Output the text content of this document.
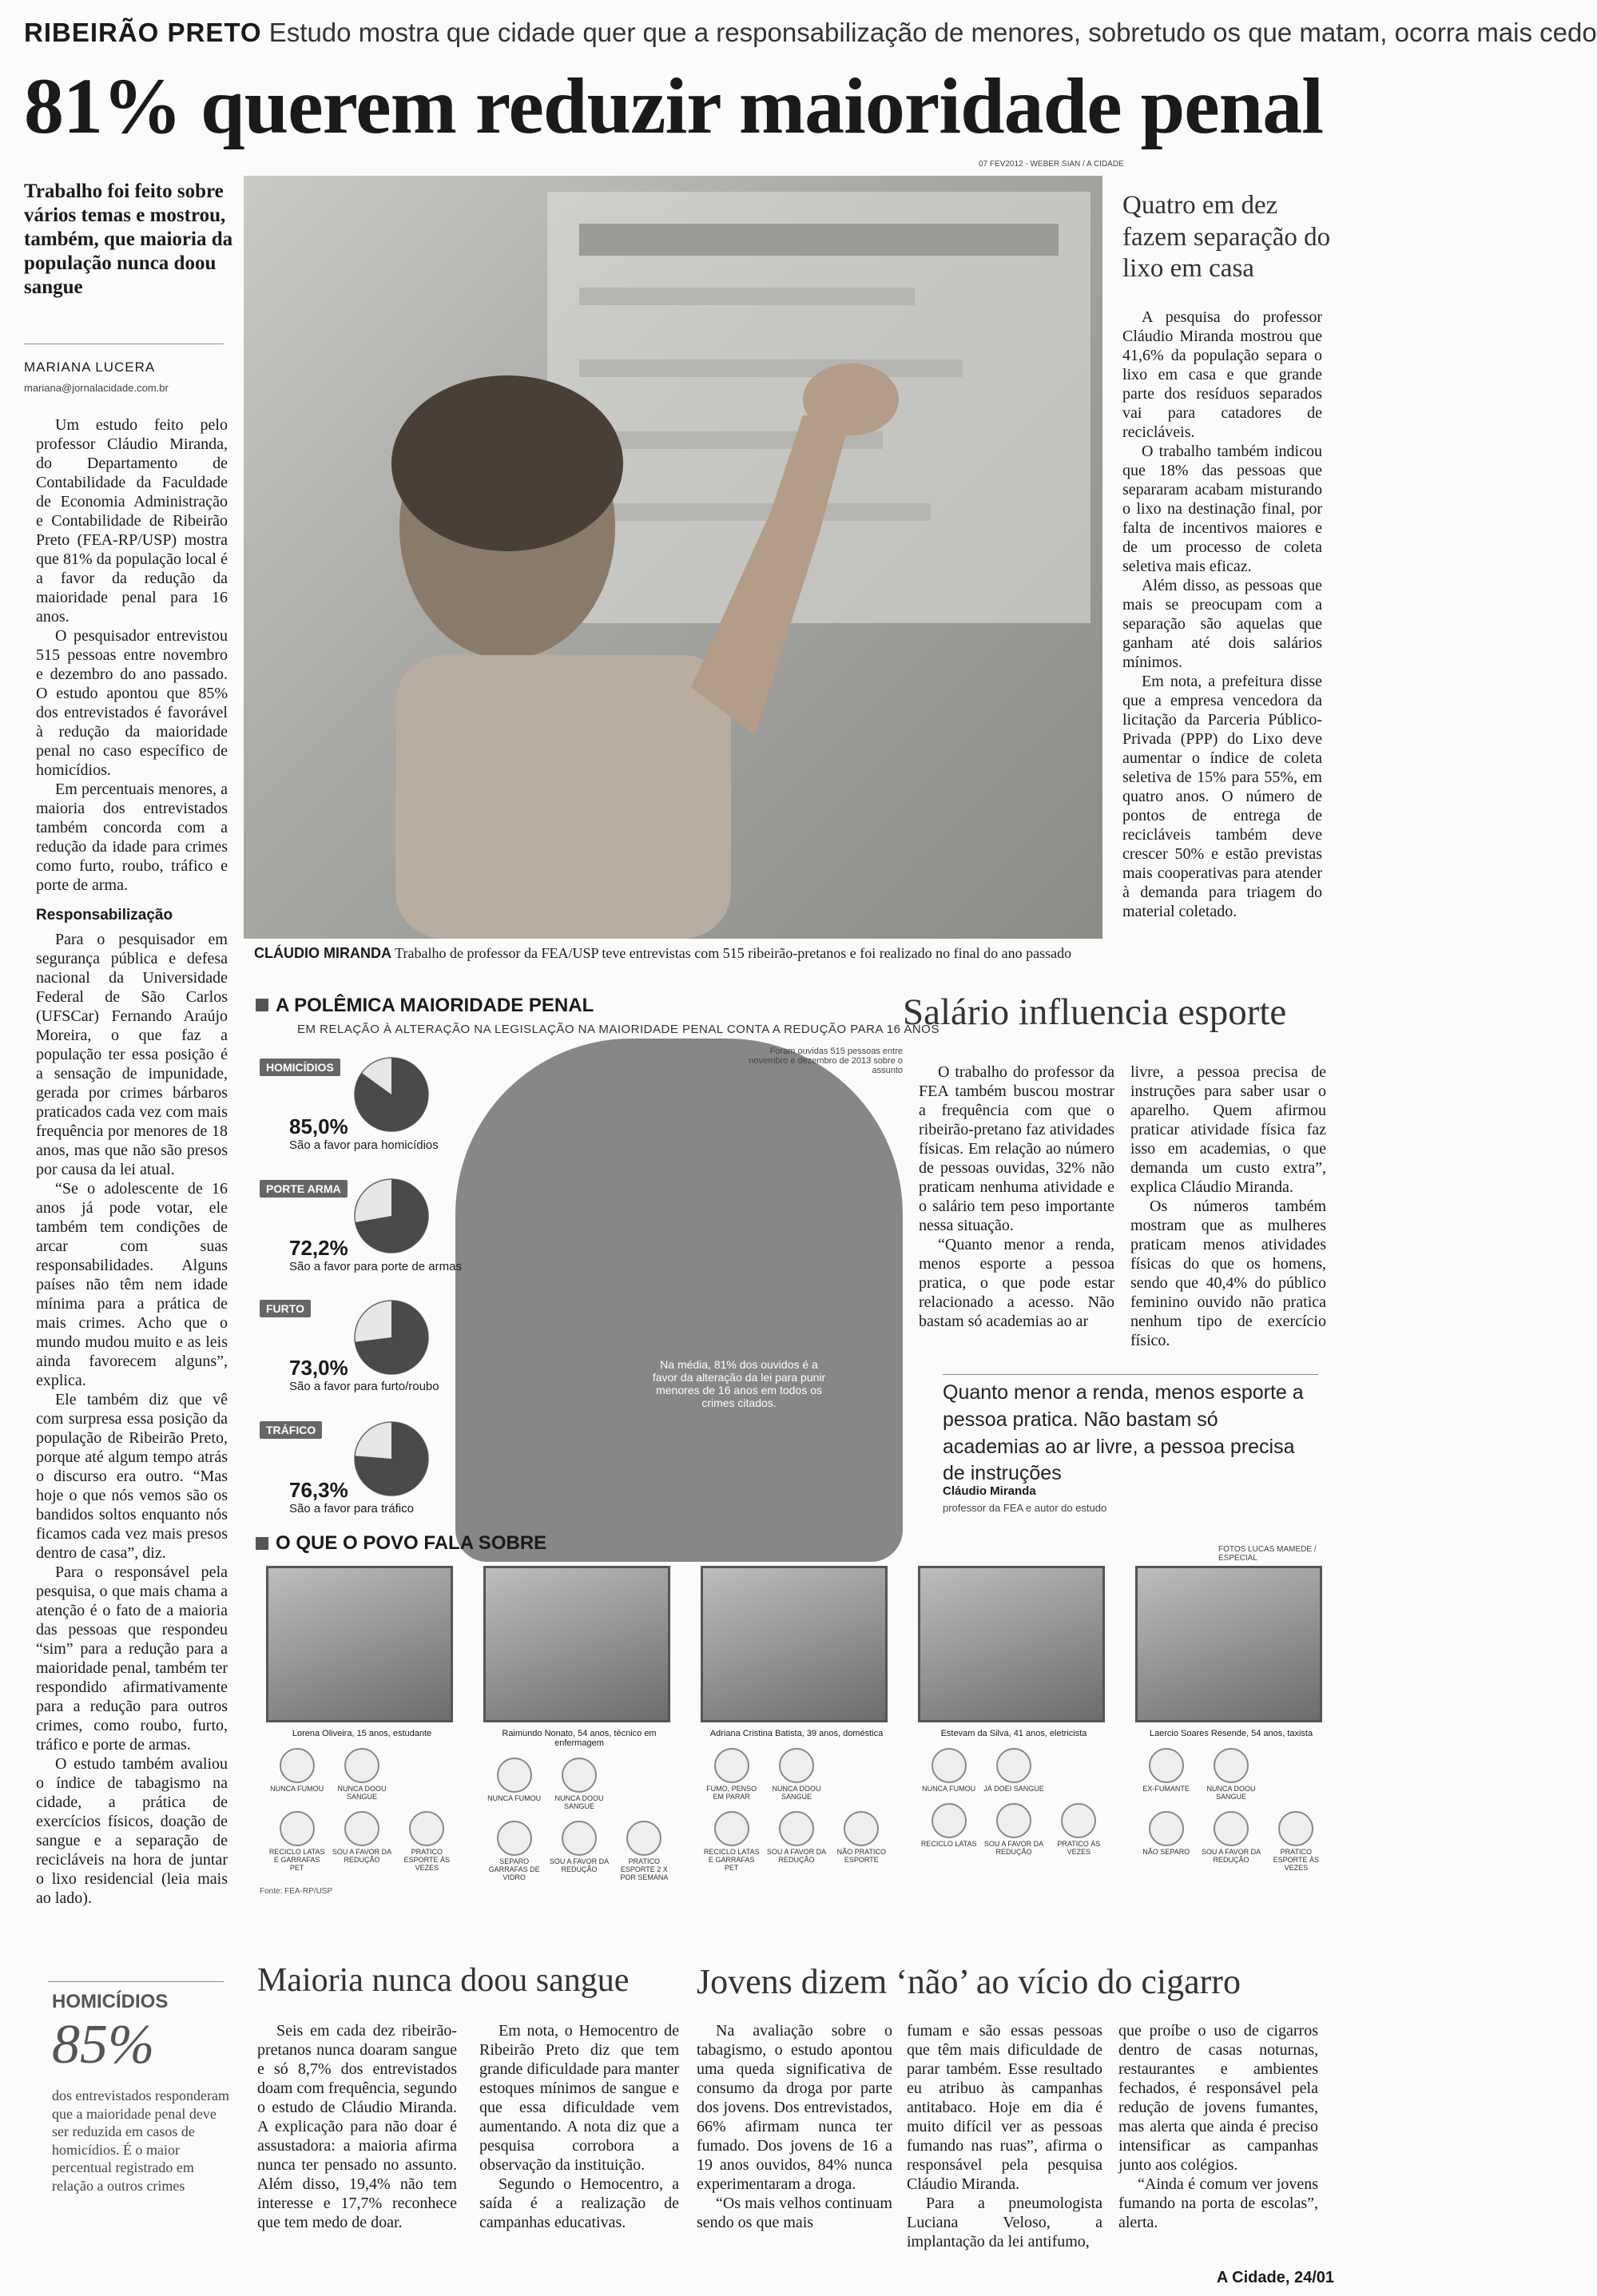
RIBEIRÃO PRETO Estudo mostra que cidade quer que a responsabilização de menores, sobretudo os que matam, ocorra mais cedo
81% querem reduzir maioridade penal
Trabalho foi feito sobre vários temas e mostrou, também, que maioria da população nunca doou sangue
MARIANA LUCERA
mariana@jornalacidade.com.br

Um estudo feito pelo professor Cláudio Miranda, do Departamento de Contabilidade da Faculdade de Economia Administração e Contabilidade de Ribeirão Preto (FEA-RP/USP) mostra que 81% da população local é a favor da redução da maioridade penal para 16 anos.

O pesquisador entrevistou 515 pessoas entre novembro e dezembro do ano passado. O estudo apontou que 85% dos entrevistados é favorável à redução da maioridade penal no caso específico de homicídios.

Em percentuais menores, a maioria dos entrevistados também concorda com a redução da idade para crimes como furto, roubo, tráfico e porte de arma.

Responsabilização

Para o pesquisador em segurança pública e defesa nacional da Universidade Federal de São Carlos (UFSCar) Fernando Araújo Moreira, o que faz a população ter essa posição é a sensação de impunidade, gerada por crimes bárbaros praticados cada vez com mais frequência por menores de 18 anos, mas que não são presos por causa da lei atual.

“Se o adolescente de 16 anos já pode votar, ele também tem condições de arcar com suas responsabilidades. Alguns países não têm nem idade mínima para a prática de mais crimes. Acho que o mundo mudou muito e as leis ainda favorecem alguns”, explica.

Ele também diz que vê com surpresa essa posição da população de Ribeirão Preto, porque até algum tempo atrás o discurso era outro. “Mas hoje o que nós vemos são os bandidos soltos enquanto nós ficamos cada vez mais presos dentro de casa”, diz.

Para o responsável pela pesquisa, o que mais chama a atenção é o fato de a maioria das pessoas que respondeu “sim” para a redução para a maioridade penal, também ter respondido afirmativamente para a redução para outros crimes, como roubo, furto, tráfico e porte de armas.

O estudo também avaliou o índice de tabagismo na cidade, a prática de exercícios físicos, doação de sangue e a separação de recicláveis na hora de juntar o lixo residencial (leia mais ao lado).

07 FEV2012 - WEBER SIAN / A CIDADE
CLÁUDIO MIRANDA Trabalho de professor da FEA/USP teve entrevistas com 515 ribeirão-pretanos e foi realizado no final do ano passado
Quatro em dez fazem separação do lixo em casa

A pesquisa do professor Cláudio Miranda mostrou que 41,6% da população separa o lixo em casa e que grande parte dos resíduos separados vai para catadores de recicláveis.

O trabalho também indicou que 18% das pessoas que separaram acabam misturando o lixo na destinação final, por falta de incentivos maiores e de um processo de coleta seletiva mais eficaz.

Além disso, as pessoas que mais se preocupam com a separação são aquelas que ganham até dois salários mínimos.

Em nota, a prefeitura disse que a empresa vencedora da licitação da Parceria Público-Privada (PPP) do Lixo deve aumentar o índice de coleta seletiva de 15% para 55%, em quatro anos. O número de pontos de entrega de recicláveis também deve crescer 50% e estão previstas mais cooperativas para atender à demanda para triagem do material coletado.

A POLÊMICA MAIORIDADE PENAL
EM RELAÇÃO À ALTERAÇÃO NA LEGISLAÇÃO NA MAIORIDADE PENAL CONTA A REDUÇÃO PARA 16 ANOS
Foram ouvidas 515 pessoas entre novembro e dezembro de 2013 sobre o assunto
Na média, 81% dos ouvidos é a favor da alteração da lei para punir menores de 16 anos em todos os crimes citados.
HOMICÍDIOS
PORTE ARMA
FURTO
TRÁFICO
85,0%
São a favor para homicídios
72,2%
São a favor para porte de armas
73,0%
São a favor para furto/roubo
76,3%
São a favor para tráfico
Salário influencia esporte

O trabalho do professor da FEA também buscou mostrar a frequência com que o ribeirão-pretano faz atividades físicas. Em relação ao número de pessoas ouvidas, 32% não praticam nenhuma atividade e o salário tem peso importante nessa situação.

“Quanto menor a renda, menos esporte a pessoa pratica, o que pode estar relacionado a acesso. Não bastam só academias ao ar

livre, a pessoa precisa de instruções para saber usar o aparelho. Quem afirmou praticar atividade física faz isso em academias, o que demanda um custo extra”, explica Cláudio Miranda.

Os números também mostram que as mulheres praticam menos atividades físicas do que os homens, sendo que 40,4% do público feminino ouvido não pratica nenhum tipo de exercício físico.

Quanto menor a renda, menos esporte a pessoa pratica. Não bastam só academias ao ar livre, a pessoa precisa de instruções
Cláudio Miranda
professor da FEA e autor do estudo
O QUE O POVO FALA SOBRE	FOTOS LUCAS MAMEDE / ESPECIAL
Lorena Oliveira, 15 anos, estudante
NUNCA FUMOU	NUNCA DOOU SANGUE
RECICLO LATAS E GARRAFAS PET
SOU A FAVOR DA REDUÇÃO
PRATICO ESPORTE ÀS VEZES
Raimundo Nonato, 54 anos, técnico em enfermagem
NUNCA FUMOU	NUNCA DOOU SANGUE
SEPARO GARRAFAS DE VIDRO
SOU A FAVOR DA REDUÇÃO
PRATICO ESPORTE 2 X POR SEMANA
Adriana Cristina Batista, 39 anos, doméstica
FUMO, PENSO EM PARAR
NUNCA DOOU SANGUE
RECICLO LATAS E GARRAFAS PET
SOU A FAVOR DA REDUÇÃO
NÃO PRATICO ESPORTE
Estevam da Silva, 41 anos, eletricista
NUNCA FUMOU	JÁ DOEI SANGUE
RECICLO LATAS	SOU A FAVOR DA REDUÇÃO
PRATICO ÀS VEZES
Laercio Soares Resende, 54 anos, taxista
EX-FUMANTE	NUNCA DOOU SANGUE
NÃO SEPARO	SOU A FAVOR DA REDUÇÃO
PRATICO ESPORTE ÀS VEZES
Fonte: FEA-RP/USP
HOMICÍDIOS
85%
dos entrevistados responderam que a maioridade penal deve ser reduzida em casos de homicídios. É o maior percentual registrado em relação a outros crimes
Maioria nunca doou sangue

Seis em cada dez ribeirão-pretanos nunca doaram sangue e só 8,7% dos entrevistados doam com frequência, segundo o estudo de Cláudio Miranda. A explicação para não doar é assustadora: a maioria afirma nunca ter pensado no assunto. Além disso, 19,4% não tem interesse e 17,7% reconhece que tem medo de doar.

Em nota, o Hemocentro de Ribeirão Preto diz que tem grande dificuldade para manter estoques mínimos de sangue e que essa dificuldade vem aumentando. A nota diz que a pesquisa corrobora a observação da instituição.

Segundo o Hemocentro, a saída é a realização de campanhas educativas.

Jovens dizem ‘não’ ao vício do cigarro

Na avaliação sobre o tabagismo, o estudo apontou uma queda significativa de consumo da droga por parte dos jovens. Dos entrevistados, 66% afirmam nunca ter fumado. Dos jovens de 16 a 19 anos ouvidos, 84% nunca experimentaram a droga.

“Os mais velhos continuam sendo os que mais

fumam e são essas pessoas que têm mais dificuldade de parar também. Esse resultado eu atribuo às campanhas antitabaco. Hoje em dia é muito difícil ver as pessoas fumando nas ruas”, afirma o responsável pela pesquisa Cláudio Miranda.

Para a pneumologista Luciana Veloso, a implantação da lei antifumo,

que proíbe o uso de cigarros dentro de casas noturnas, restaurantes e ambientes fechados, é responsável pela redução de jovens fumantes, mas alerta que ainda é preciso intensificar as campanhas junto aos colégios.

“Ainda é comum ver jovens fumando na porta de escolas”, alerta.

A Cidade, 24/01
